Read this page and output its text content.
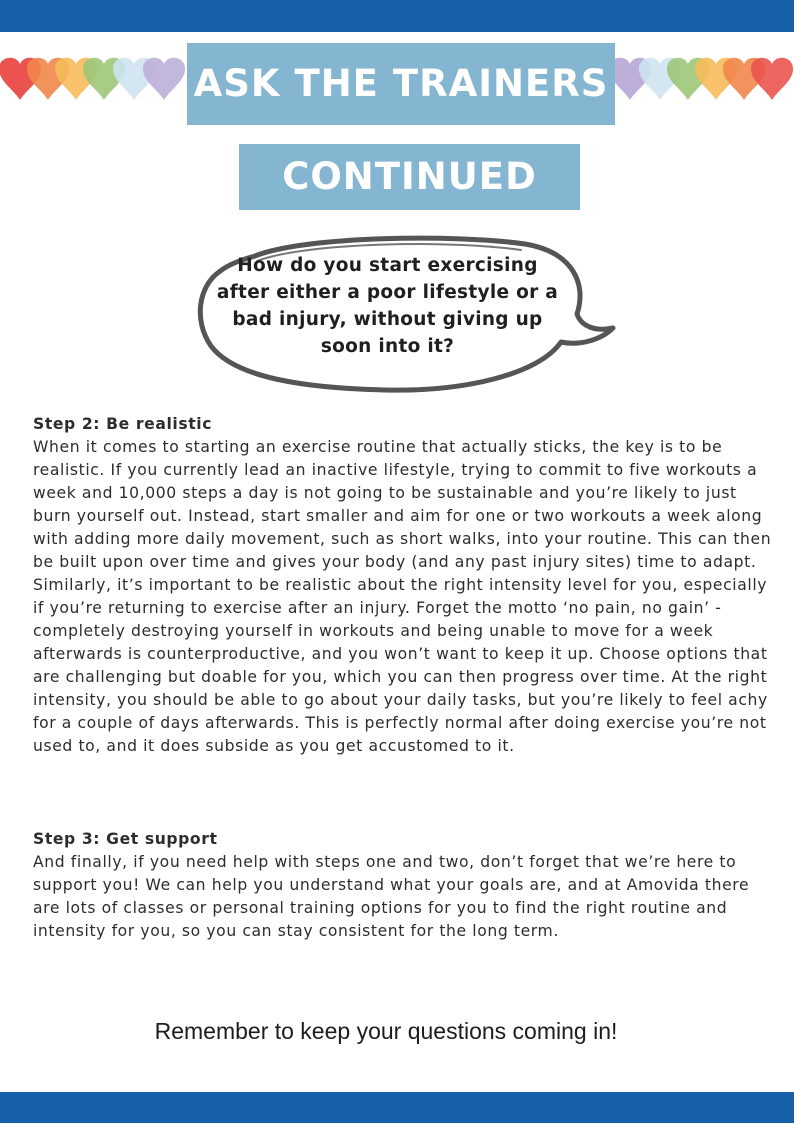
ASK THE TRAINERS
CONTINUED
How do you start exercising after either a poor lifestyle or a bad injury, without giving up soon into it?
Step 2: Be realistic

When it comes to starting an exercise routine that actually sticks, the key is to be realistic. If you currently lead an inactive lifestyle, trying to commit to five workouts a week and 10,000 steps a day is not going to be sustainable and you’re likely to just burn yourself out. Instead, start smaller and aim for one or two workouts a week along with adding more daily movement, such as short walks, into your routine. This can then be built upon over time and gives your body (and any past injury sites) time to adapt. Similarly, it’s important to be realistic about the right intensity level for you, especially if you’re returning to exercise after an injury. Forget the motto ‘no pain, no gain’ - completely destroying yourself in workouts and being unable to move for a week afterwards is counterproductive, and you won’t want to keep it up. Choose options that are challenging but doable for you, which you can then progress over time. At the right intensity, you should be able to go about your daily tasks, but you’re likely to feel achy for a couple of days afterwards. This is perfectly normal after doing exercise you’re not used to, and it does subside as you get accustomed to it.

Step 3: Get support

And finally, if you need help with steps one and two, don’t forget that we’re here to support you! We can help you understand what your goals are, and at Amovida there are lots of classes or personal training options for you to find the right routine and intensity for you, so you can stay consistent for the long term.

Remember to keep your questions coming in!
